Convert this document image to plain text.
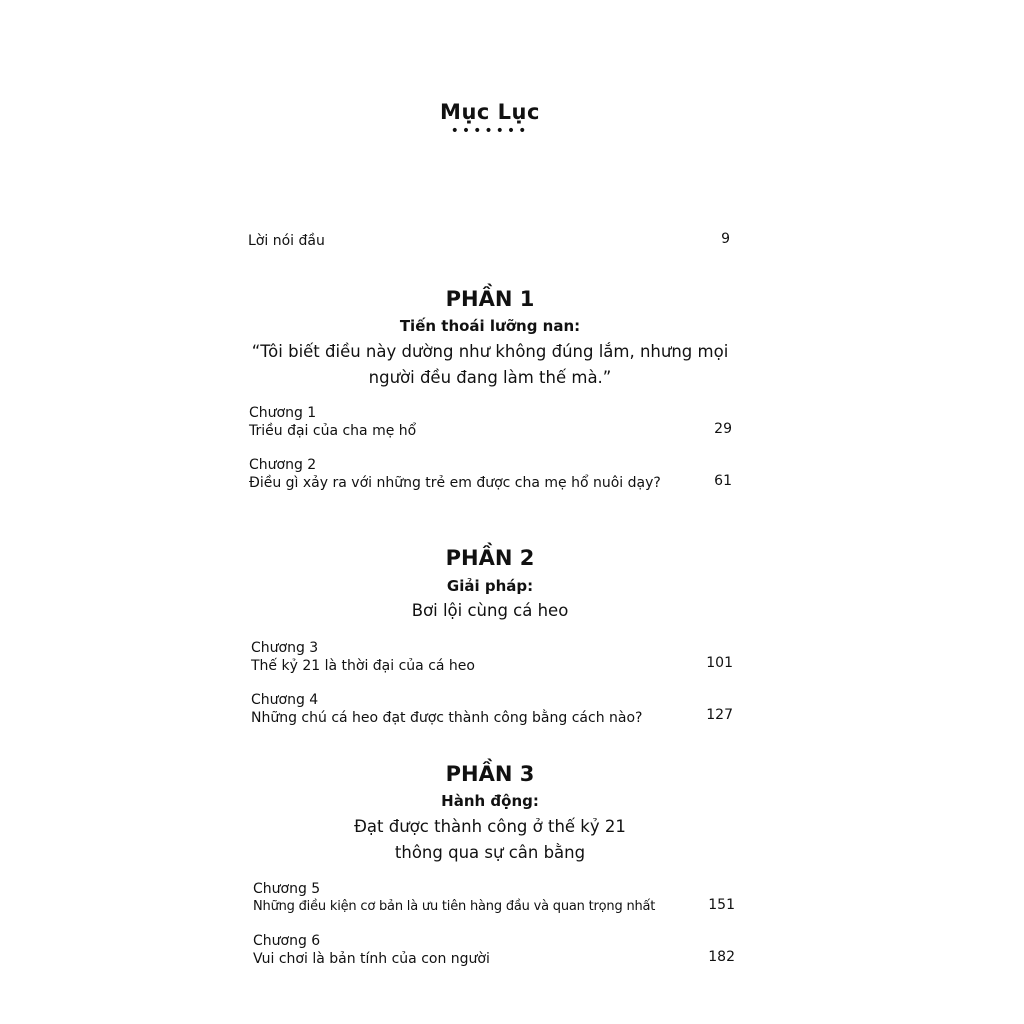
Mục Lục
•••••••
Lời nói đầu	9
PHẦN 1
Tiến thoái lưỡng nan:
“Tôi biết điều này dường như không đúng lắm, nhưng mọi
người đều đang làm thế mà.”
Chương 1
Triều đại của cha mẹ hổ	29
Chương 2
Điều gì xảy ra với những trẻ em được cha mẹ hổ nuôi dạy?	61
PHẦN 2
Giải pháp:
Bơi lội cùng cá heo
Chương 3
Thế kỷ 21 là thời đại của cá heo	101
Chương 4
Những chú cá heo đạt được thành công bằng cách nào?	127
PHẦN 3
Hành động:
Đạt được thành công ở thế kỷ 21
thông qua sự cân bằng
Chương 5
Những điều kiện cơ bản là ưu tiên hàng đầu và quan trọng nhất	151
Chương 6
Vui chơi là bản tính của con người	182
